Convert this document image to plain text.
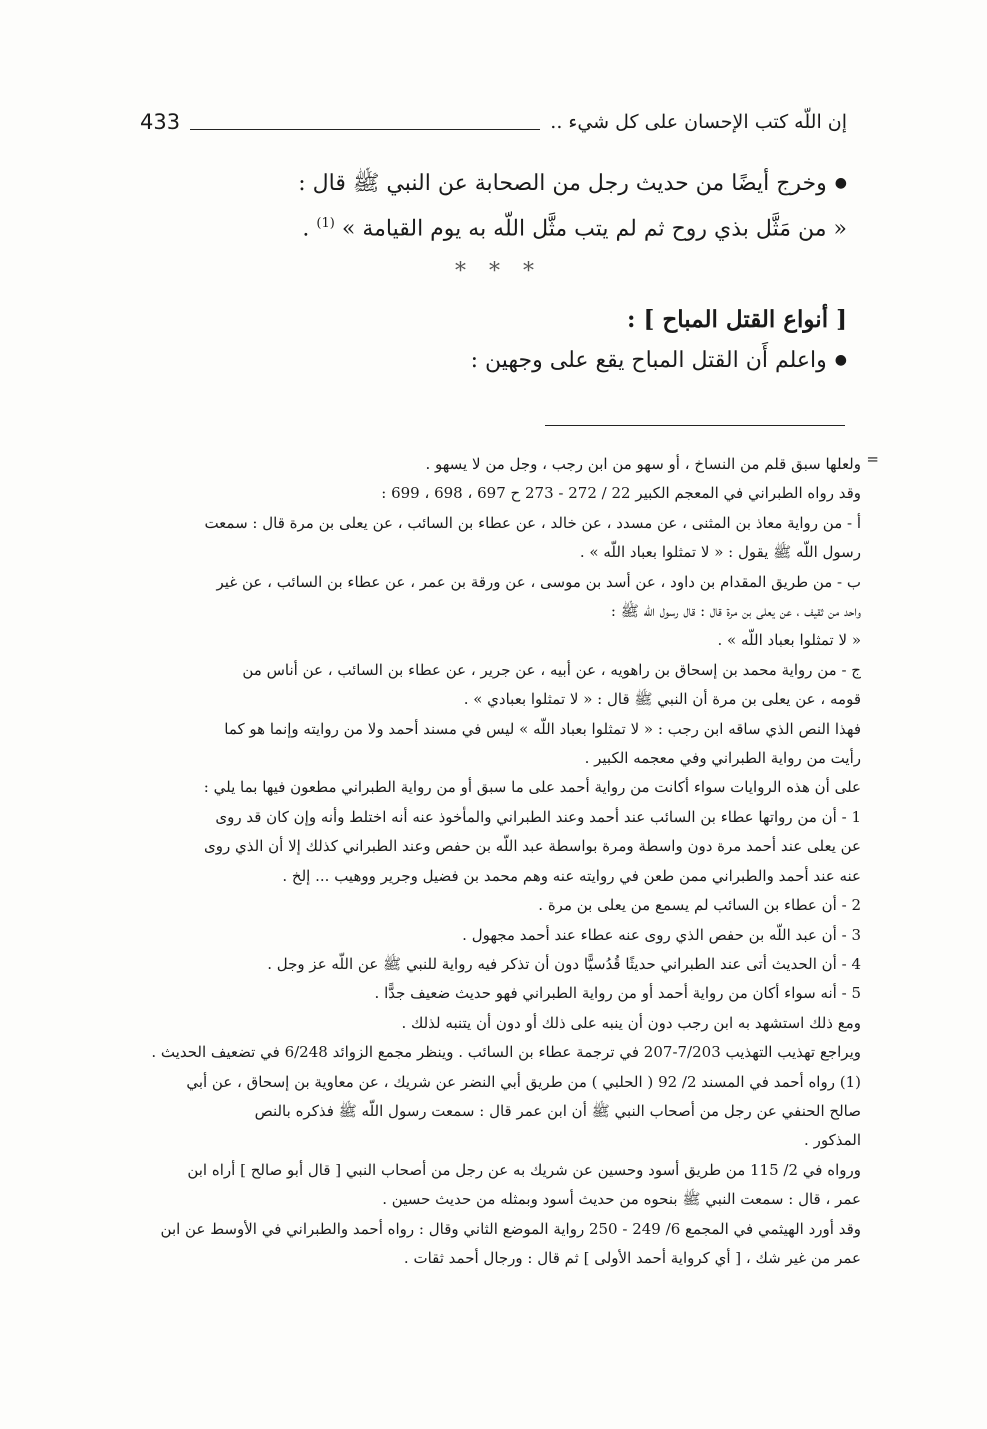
إن اللّه كتب الإحسان على كل شيء ..
433

●وخرج أيضًا من حديث رجل من الصحابة عن النبي ﷺ قال :

« من مَثَّل بذي روح ثم لم يتب مثَّل اللّه به يوم القيامة » $^{(1)}$ .

* * *

[ أنواع القتل المباح ] :

●واعلم أَن القتل المباح يقع على وجهين :

=

ولعلها سبق قلم من النساخ ، أو سهو من ابن رجب ، وجل من لا يسهو .

وقد رواه الطبراني في المعجم الكبير 22 / 272 - 273 ح 697 ، 698 ، 699 :

أ - من رواية معاذ بن المثنى ، عن مسدد ، عن خالد ، عن عطاء بن السائب ، عن يعلى بن مرة قال : سمعت

رسول اللّه ﷺ يقول : « لا تمثلوا بعباد اللّه » .

ب - من طريق المقدام بن داود ، عن أسد بن موسى ، عن ورقة بن عمر ، عن عطاء بن السائب ، عن غير

واحد من ثقيف ، عن يعلى بن مرة قال : قال رسول اللّه ﷺ :

« لا تمثلوا بعباد اللّه » .

ج - من رواية محمد بن إسحاق بن راهويه ، عن أبيه ، عن جرير ، عن عطاء بن السائب ، عن أناس من

قومه ، عن يعلى بن مرة أن النبي ﷺ قال : « لا تمثلوا بعبادي » .

فهذا النص الذي ساقه ابن رجب : « لا تمثلوا بعباد اللّه » ليس في مسند أحمد ولا من روايته وإنما هو كما

رأيت من رواية الطبراني وفي معجمه الكبير .

على أن هذه الروايات سواء أكانت من رواية أحمد على ما سبق أو من رواية الطبراني مطعون فيها بما يلي :

1 - أن من رواتها عطاء بن السائب عند أحمد وعند الطبراني والمأخوذ عنه أنه اختلط وأنه وإن كان قد روى

عن يعلى عند أحمد مرة دون واسطة ومرة بواسطة عبد اللّه بن حفص وعند الطبراني كذلك إلا أن الذي روى

عنه عند أحمد والطبراني ممن طعن في روايته عنه وهم محمد بن فضيل وجرير ووهيب ... إلخ .

2 - أن عطاء بن السائب لم يسمع من يعلى بن مرة .

3 - أن عبد اللّه بن حفص الذي روى عنه عطاء عند أحمد مجهول .

4 - أن الحديث أتى عند الطبراني حديثًا قُدُسيًّا دون أن تذكر فيه رواية للنبي ﷺ عن اللّه عز وجل .

5 - أنه سواء أكان من رواية أحمد أو من رواية الطبراني فهو حديث ضعيف جدًّا .

ومع ذلك استشهد به ابن رجب دون أن ينبه على ذلك أو دون أن يتنبه لذلك .

ويراجع تهذيب التهذيب 7/203-207 في ترجمة عطاء بن السائب . وينظر مجمع الزوائد 6/248 في تضعيف الحديث .

(1) رواه أحمد في المسند 2/ 92 ( الحلبي ) من طريق أبي النضر عن شريك ، عن معاوية بن إسحاق ، عن أبي

صالح الحنفي عن رجل من أصحاب النبي ﷺ أن ابن عمر قال : سمعت رسول اللّه ﷺ فذكره بالنص

المذكور .

ورواه في 2/ 115 من طريق أسود وحسين عن شريك به عن رجل من أصحاب النبي [ قال أبو صالح ] أراه ابن

عمر ، قال : سمعت النبي ﷺ بنحوه من حديث أسود وبمثله من حديث حسين .

وقد أورد الهيثمي في المجمع 6/ 249 - 250 رواية الموضع الثاني وقال : رواه أحمد والطبراني في الأوسط عن ابن

عمر من غير شك ، [ أي كرواية أحمد الأولى ] ثم قال : ورجال أحمد ثقات .
